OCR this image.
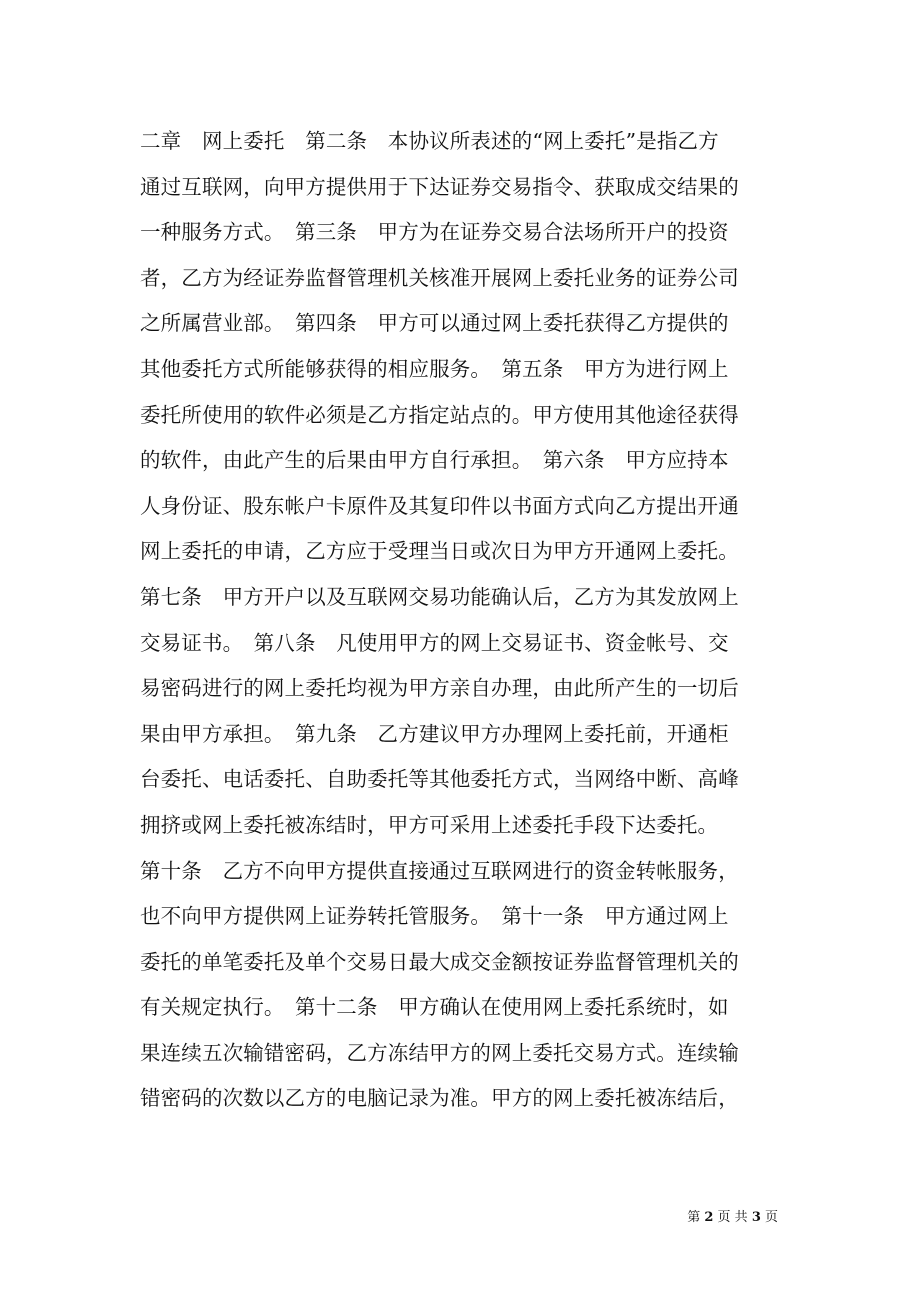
二章　网上委托　第二条　本协议所表述的“网上委托”是指乙方
通过互联网，向甲方提供用于下达证券交易指令、获取成交结果的
一种服务方式。　第三条　甲方为在证券交易合法场所开户的投资
者，乙方为经证券监督管理机关核准开展网上委托业务的证券公司
之所属营业部。　第四条　甲方可以通过网上委托获得乙方提供的
其他委托方式所能够获得的相应服务。　第五条　甲方为进行网上
委托所使用的软件必须是乙方指定站点的。甲方使用其他途径获得
的软件，由此产生的后果由甲方自行承担。　第六条　甲方应持本
人身份证、股东帐户卡原件及其复印件以书面方式向乙方提出开通
网上委托的申请，乙方应于受理当日或次日为甲方开通网上委托。
第七条　甲方开户以及互联网交易功能确认后，乙方为其发放网上
交易证书。　第八条　凡使用甲方的网上交易证书、资金帐号、交
易密码进行的网上委托均视为甲方亲自办理，由此所产生的一切后
果由甲方承担。　第九条　乙方建议甲方办理网上委托前，开通柜
台委托、电话委托、自助委托等其他委托方式，当网络中断、高峰
拥挤或网上委托被冻结时，甲方可采用上述委托手段下达委托。
第十条　乙方不向甲方提供直接通过互联网进行的资金转帐服务，
也不向甲方提供网上证券转托管服务。　第十一条　甲方通过网上
委托的单笔委托及单个交易日最大成交金额按证券监督管理机关的
有关规定执行。　第十二条　甲方确认在使用网上委托系统时，如
果连续五次输错密码，乙方冻结甲方的网上委托交易方式。连续输
错密码的次数以乙方的电脑记录为准。甲方的网上委托被冻结后，
第 2 页 共 3 页
